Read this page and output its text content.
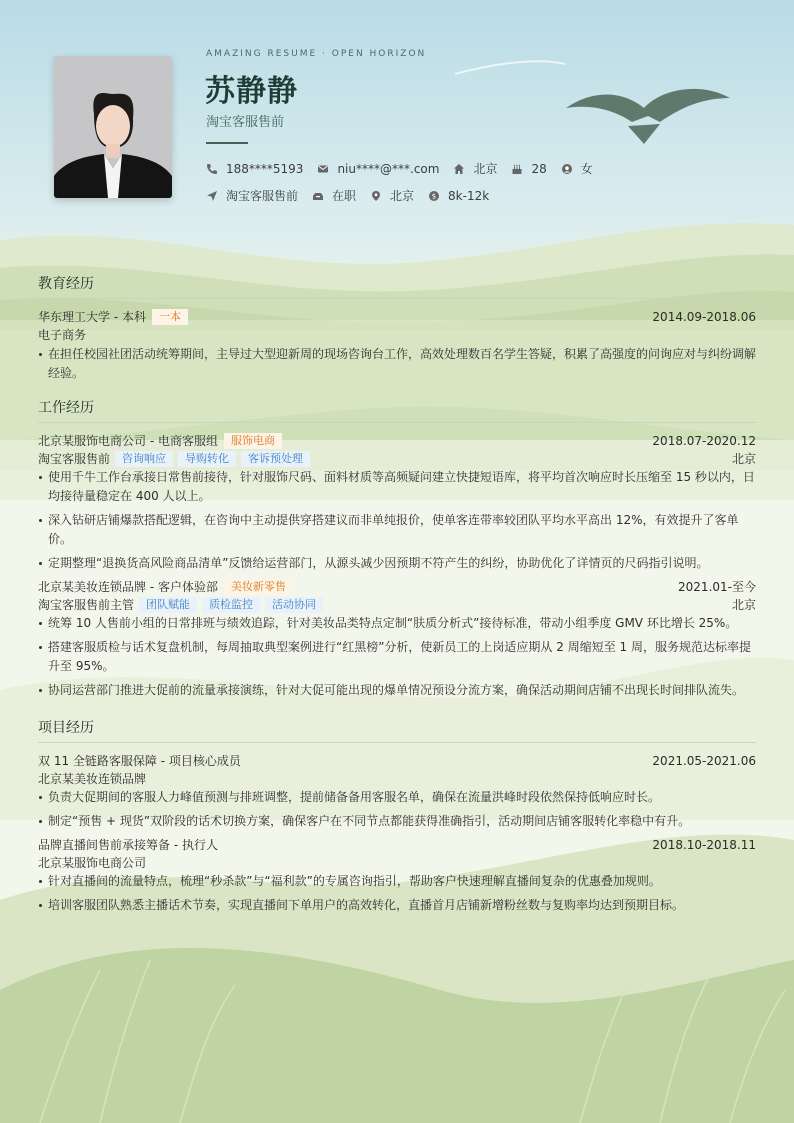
AMAZING RESUME · OPEN HORIZON
苏静静
淘宝客服售前
188****5193	niu****@***.com	北京	28	女
淘宝客服售前	在职	北京	$ 8k-12k
教育经历
华东理工大学 - 本科	一本	2014.09-2018.06
电子商务
在担任校园社团活动统筹期间，主导过大型迎新周的现场咨询台工作，高效处理数百名学生答疑，积累了高强度的问询应对与纠纷调解经验。
工作经历
北京某服饰电商公司 - 电商客服组	服饰电商	2018.07-2020.12
淘宝客服售前	咨询响应	导购转化	客诉预处理	北京
使用千牛工作台承接日常售前接待，针对服饰尺码、面料材质等高频疑问建立快捷短语库，将平均首次响应时长压缩至 15 秒以内，日均接待量稳定在 400 人以上。
深入钻研店铺爆款搭配逻辑，在咨询中主动提供穿搭建议而非单纯报价，使单客连带率较团队平均水平高出 12%，有效提升了客单价。
定期整理“退换货高风险商品清单”反馈给运营部门，从源头减少因预期不符产生的纠纷，协助优化了详情页的尺码指引说明。
北京某美妆连锁品牌 - 客户体验部	美妆新零售	2021.01-至今
淘宝客服售前主管	团队赋能	质检监控	活动协同	北京
统筹 10 人售前小组的日常排班与绩效追踪，针对美妆品类特点定制“肤质分析式”接待标准，带动小组季度 GMV 环比增长 25%。
搭建客服质检与话术复盘机制，每周抽取典型案例进行“红黑榜”分析，使新员工的上岗适应期从 2 周缩短至 1 周，服务规范达标率提升至 95%。
协同运营部门推进大促前的流量承接演练，针对大促可能出现的爆单情况预设分流方案，确保活动期间店铺不出现长时间排队流失。
项目经历
双 11 全链路客服保障 - 项目核心成员	2021.05-2021.06
北京某美妆连锁品牌
负责大促期间的客服人力峰值预测与排班调整，提前储备备用客服名单，确保在流量洪峰时段依然保持低响应时长。
制定“预售 + 现货”双阶段的话术切换方案，确保客户在不同节点都能获得准确指引，活动期间店铺客服转化率稳中有升。
品牌直播间售前承接筹备 - 执行人	2018.10-2018.11
北京某服饰电商公司
针对直播间的流量特点，梳理“秒杀款”与“福利款”的专属咨询指引，帮助客户快速理解直播间复杂的优惠叠加规则。
培训客服团队熟悉主播话术节奏，实现直播间下单用户的高效转化，直播首月店铺新增粉丝数与复购率均达到预期目标。
